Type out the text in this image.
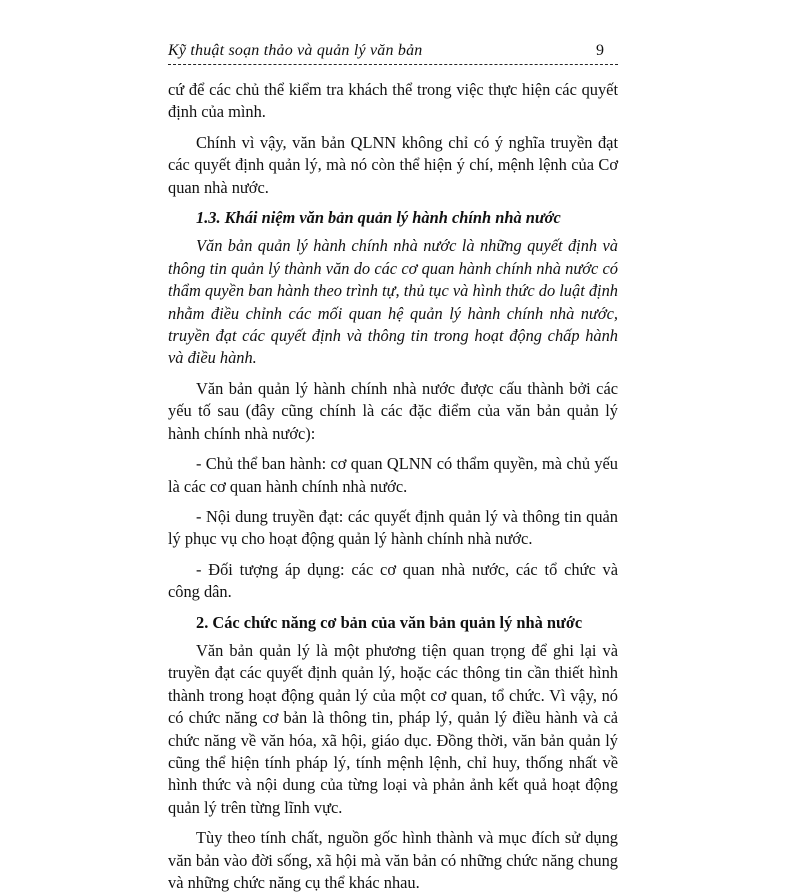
Kỹ thuật soạn thảo và quản lý văn bản	9

cứ để các chủ thể kiểm tra khách thể trong việc thực hiện các quyết định của mình.

Chính vì vậy, văn bản QLNN không chỉ có ý nghĩa truyền đạt các quyết định quản lý, mà nó còn thể hiện ý chí, mệnh lệnh của Cơ quan nhà nước.

1.3. Khái niệm văn bản quản lý hành chính nhà nước

Văn bản quản lý hành chính nhà nước là những quyết định và thông tin quản lý thành văn do các cơ quan hành chính nhà nước có thẩm quyền ban hành theo trình tự, thủ tục và hình thức do luật định nhằm điều chỉnh các mối quan hệ quản lý hành chính nhà nước, truyền đạt các quyết định và thông tin trong hoạt động chấp hành và điều hành.

Văn bản quản lý hành chính nhà nước được cấu thành bởi các yếu tố sau (đây cũng chính là các đặc điểm của văn bản quản lý hành chính nhà nước):

- Chủ thể ban hành: cơ quan QLNN có thẩm quyền, mà chủ yếu là các cơ quan hành chính nhà nước.

- Nội dung truyền đạt: các quyết định quản lý và thông tin quản lý phục vụ cho hoạt động quản lý hành chính nhà nước.

- Đối tượng áp dụng: các cơ quan nhà nước, các tổ chức và công dân.

2. Các chức năng cơ bản của văn bản quản lý nhà nước

Văn bản quản lý là một phương tiện quan trọng để ghi lại và truyền đạt các quyết định quản lý, hoặc các thông tin cần thiết hình thành trong hoạt động quản lý của một cơ quan, tổ chức. Vì vậy, nó có chức năng cơ bản là thông tin, pháp lý, quản lý điều hành và cả chức năng về văn hóa, xã hội, giáo dục. Đồng thời, văn bản quản lý cũng thể hiện tính pháp lý, tính mệnh lệnh, chỉ huy, thống nhất về hình thức và nội dung của từng loại và phản ảnh kết quả hoạt động quản lý trên từng lĩnh vực.

Tùy theo tính chất, nguồn gốc hình thành và mục đích sử dụng văn bản vào đời sống, xã hội mà văn bản có những chức năng chung và những chức năng cụ thể khác nhau.
